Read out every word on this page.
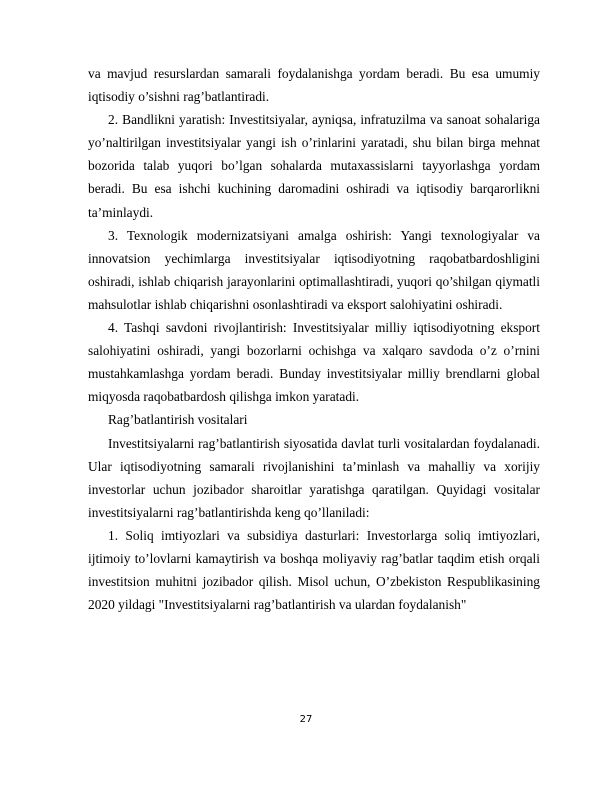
va mavjud resurslardan samarali foydalanishga yordam beradi. Bu esa umumiy iqtisodiy o’sishni rag’batlantiradi.

2. Bandlikni yaratish: Investitsiyalar, ayniqsa, infratuzilma va sanoat sohalariga yo’naltirilgan investitsiyalar yangi ish o’rinlarini yaratadi, shu bilan birga mehnat bozorida talab yuqori bo’lgan sohalarda mutaxassislarni tayyorlashga yordam beradi. Bu esa ishchi kuchining daromadini oshiradi va iqtisodiy barqarorlikni ta’minlaydi.

3. Texnologik modernizatsiyani amalga oshirish: Yangi texnologiyalar va innovatsion yechimlarga investitsiyalar iqtisodiyotning raqobatbardoshligini oshiradi, ishlab chiqarish jarayonlarini optimallashtiradi, yuqori qo’shilgan qiymatli mahsulotlar ishlab chiqarishni osonlashtiradi va eksport salohiyatini oshiradi.

4. Tashqi savdoni rivojlantirish: Investitsiyalar milliy iqtisodiyotning eksport salohiyatini oshiradi, yangi bozorlarni ochishga va xalqaro savdoda o’z o’rnini mustahkamlashga yordam beradi. Bunday investitsiyalar milliy brendlarni global miqyosda raqobatbardosh qilishga imkon yaratadi.

Rag’batlantirish vositalari

Investitsiyalarni rag’batlantirish siyosatida davlat turli vositalardan foydalanadi. Ular iqtisodiyotning samarali rivojlanishini ta’minlash va mahalliy va xorijiy investorlar uchun jozibador sharoitlar yaratishga qaratilgan. Quyidagi vositalar investitsiyalarni rag’batlantirishda keng qo’llaniladi:

1. Soliq imtiyozlari va subsidiya dasturlari: Investorlarga soliq imtiyozlari, ijtimoiy to’lovlarni kamaytirish va boshqa moliyaviy rag’batlar taqdim etish orqali investitsion muhitni jozibador qilish. Misol uchun, O’zbekiston Respublikasining 2020 yildagi "Investitsiyalarni rag’batlantirish va ulardan foydalanish"

27
